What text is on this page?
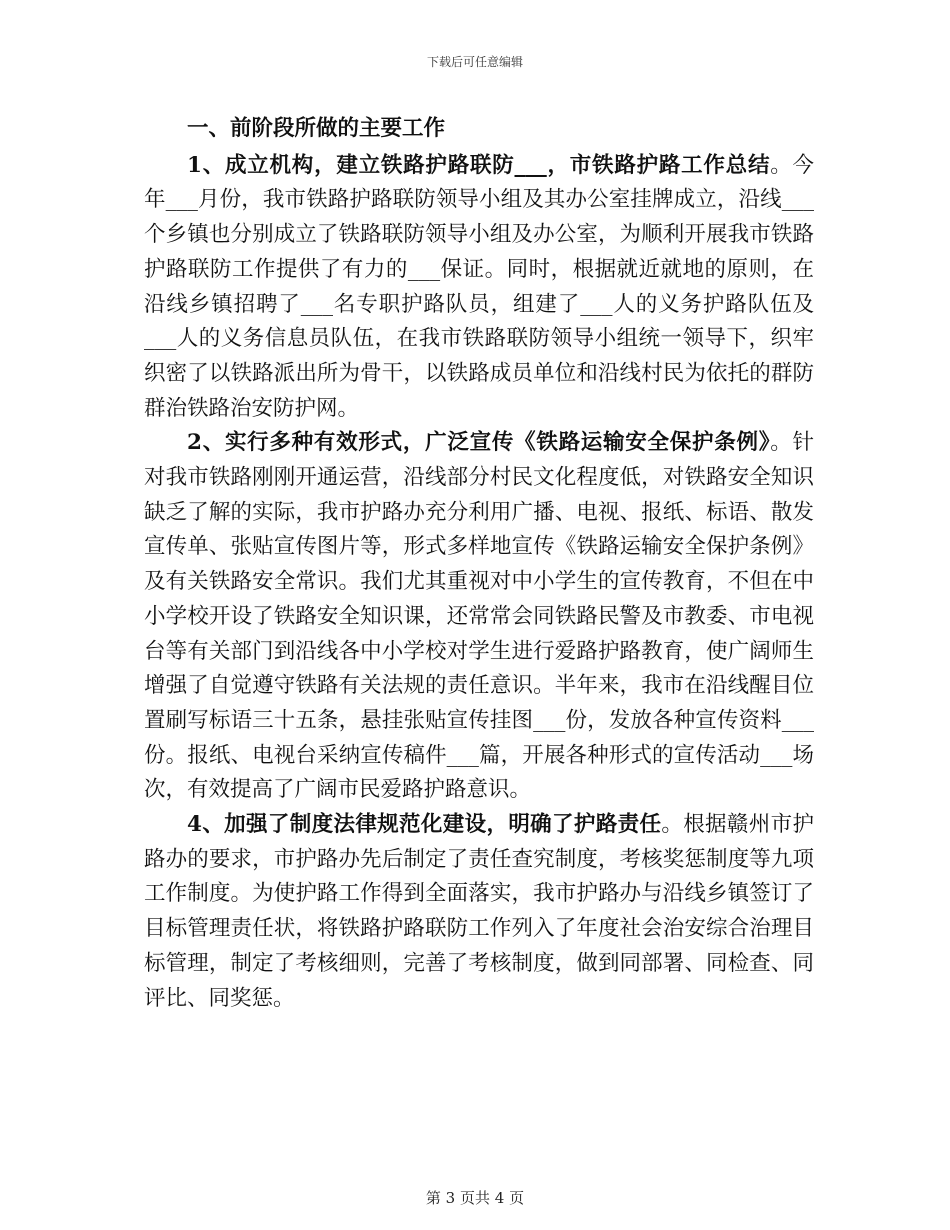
下载后可任意编辑

一、前阶段所做的主要工作

1、成立机构，建立铁路护路联防___，市铁路护路工作总结。今年___月份，我市铁路护路联防领导小组及其办公室挂牌成立，沿线___个乡镇也分别成立了铁路联防领导小组及办公室，为顺利开展我市铁路护路联防工作提供了有力的___保证。同时，根据就近就地的原则，在沿线乡镇招聘了___名专职护路队员，组建了___人的义务护路队伍及___人的义务信息员队伍，在我市铁路联防领导小组统一领导下，织牢织密了以铁路派出所为骨干，以铁路成员单位和沿线村民为依托的群防群治铁路治安防护网。

2、实行多种有效形式，广泛宣传《铁路运输安全保护条例》。针对我市铁路刚刚开通运营，沿线部分村民文化程度低，对铁路安全知识缺乏了解的实际，我市护路办充分利用广播、电视、报纸、标语、散发宣传单、张贴宣传图片等，形式多样地宣传《铁路运输安全保护条例》及有关铁路安全常识。我们尤其重视对中小学生的宣传教育，不但在中小学校开设了铁路安全知识课，还常常会同铁路民警及市教委、市电视台等有关部门到沿线各中小学校对学生进行爱路护路教育，使广阔师生增强了自觉遵守铁路有关法规的责任意识。半年来，我市在沿线醒目位置刷写标语三十五条，悬挂张贴宣传挂图___份，发放各种宣传资料___份。报纸、电视台采纳宣传稿件___篇，开展各种形式的宣传活动___场次，有效提高了广阔市民爱路护路意识。

4、加强了制度法律规范化建设，明确了护路责任。根据赣州市护路办的要求，市护路办先后制定了责任查究制度，考核奖惩制度等九项工作制度。为使护路工作得到全面落实，我市护路办与沿线乡镇签订了目标管理责任状，将铁路护路联防工作列入了年度社会治安综合治理目标管理，制定了考核细则，完善了考核制度，做到同部署、同检查、同评比、同奖惩。

第 3 页共 4 页
